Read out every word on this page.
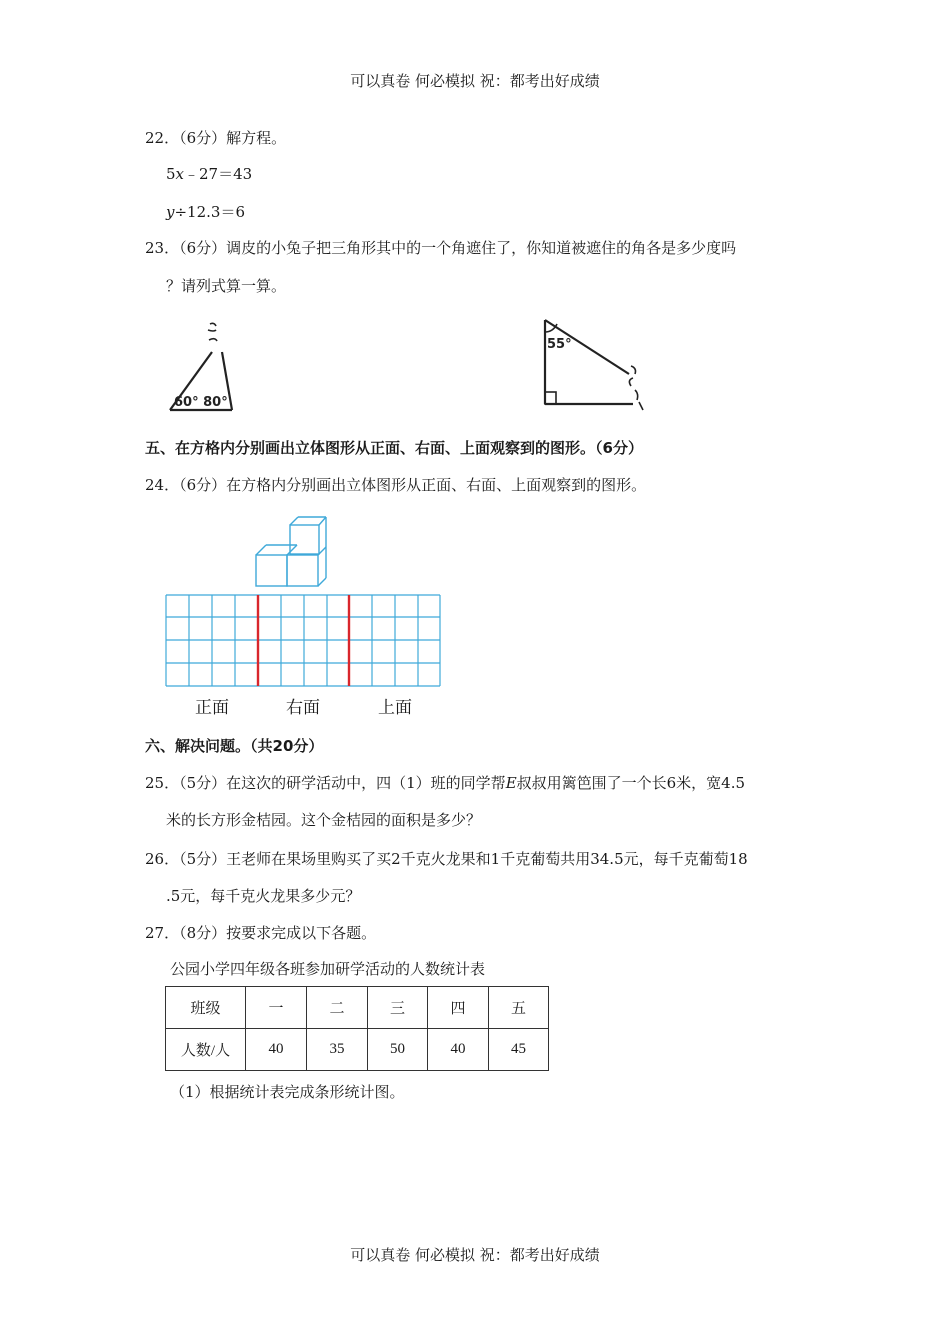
可以真卷 何必模拟 祝：都考出好成绩
22．（6分）解方程。
5x﹣27＝43
y÷12.3＝6
23．（6分）调皮的小兔子把三角形其中的一个角遮住了，你知道被遮住的角各是多少度吗
？请列式算一算。
60° 80°
55°
五、在方格内分别画出立体图形从正面、右面、上面观察到的图形。（6分）
24．（6分）在方格内分别画出立体图形从正面、右面、上面观察到的图形。
正面	右面	上面
六、解决问题。（共20分）
25．（5分）在这次的研学活动中，四（1）班的同学帮E叔叔用篱笆围了一个长6米，宽4.5
米的长方形金桔园。这个金桔园的面积是多少？
26．（5分）王老师在果场里购买了买2千克火龙果和1千克葡萄共用34.5元，每千克葡萄18
.5元，每千克火龙果多少元？
27．（8分）按要求完成以下各题。
公园小学四年级各班参加研学活动的人数统计表
班级	一	二	三	四	五
人数/人	40	35	50	40	45
（1）根据统计表完成条形统计图。
可以真卷 何必模拟 祝：都考出好成绩
